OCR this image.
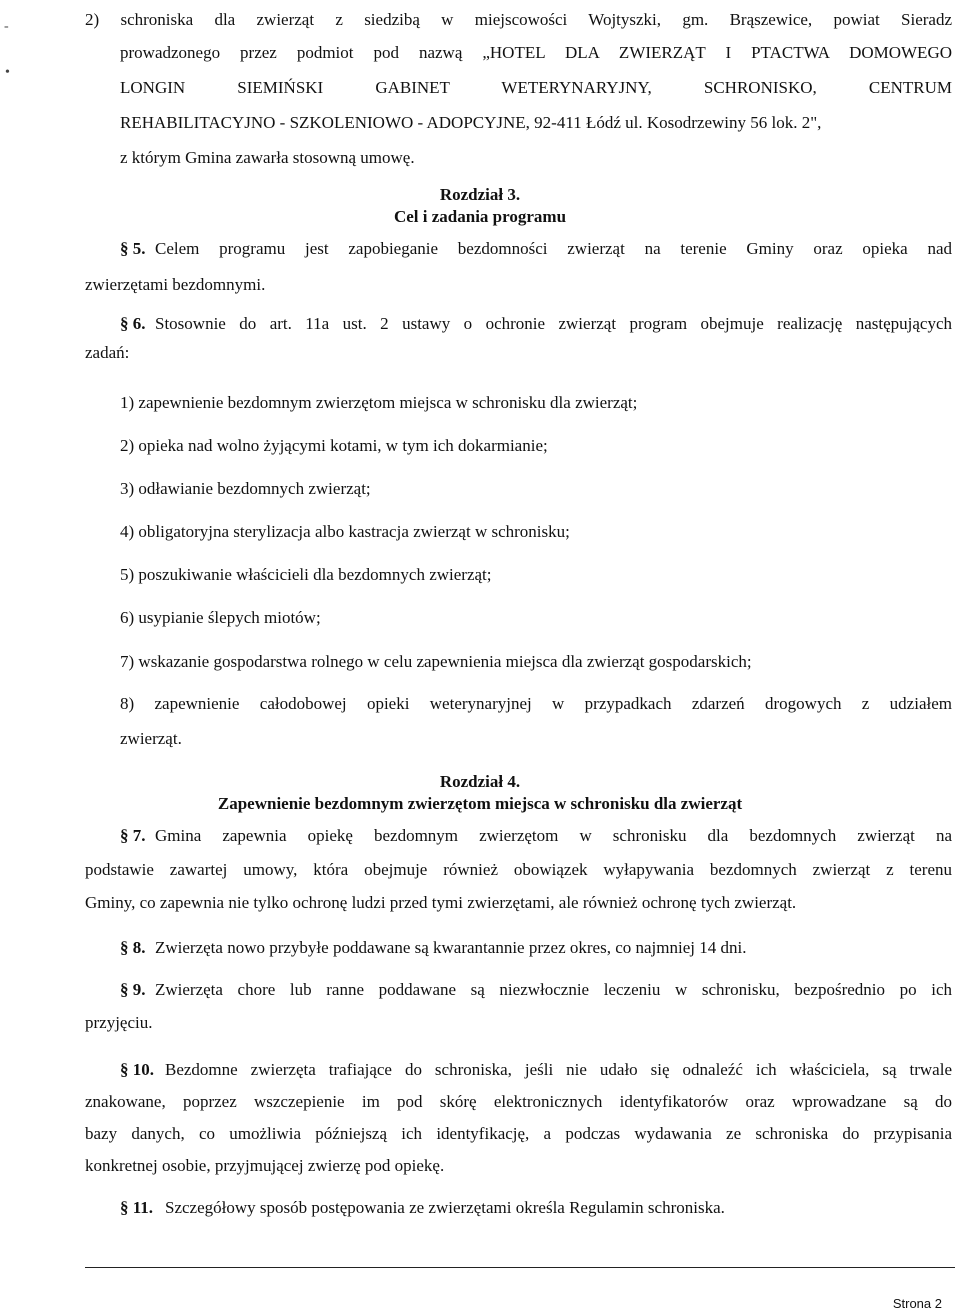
-
•
2) schroniska dla zwierząt z siedzibą w miejscowości Wojtyszki, gm. Brąszewice, powiat Sieradz
prowadzonego przez podmiot pod nazwą „HOTEL DLA ZWIERZĄT I PTACTWA DOMOWEGO
LONGIN SIEMIŃSKI GABINET WETERYNARYJNY, SCHRONISKO, CENTRUM
REHABILITACYJNO - SZKOLENIOWO - ADOPCYJNE, 92-411 Łódź ul. Kosodrzewiny 56 lok. 2",
z którym Gmina zawarła stosowną umowę.
Rozdział 3.
Cel i zadania programu
§ 5. Celem programu jest zapobieganie bezdomności zwierząt na terenie Gminy oraz opieka nad
zwierzętami bezdomnymi.
§ 6. Stosownie do art. 11a ust. 2 ustawy o ochronie zwierząt program obejmuje realizację następujących
zadań:
1) zapewnienie bezdomnym zwierzętom miejsca w schronisku dla zwierząt;
2) opieka nad wolno żyjącymi kotami, w tym ich dokarmianie;
3) odławianie bezdomnych zwierząt;
4) obligatoryjna sterylizacja albo kastracja zwierząt w schronisku;
5) poszukiwanie właścicieli dla bezdomnych zwierząt;
6) usypianie ślepych miotów;
7) wskazanie gospodarstwa rolnego w celu zapewnienia miejsca dla zwierząt gospodarskich;
8) zapewnienie całodobowej opieki weterynaryjnej w przypadkach zdarzeń drogowych z udziałem
zwierząt.
Rozdział 4.
Zapewnienie bezdomnym zwierzętom miejsca w schronisku dla zwierząt
§ 7. Gmina zapewnia opiekę bezdomnym zwierzętom w schronisku dla bezdomnych zwierząt na
podstawie zawartej umowy, która obejmuje również obowiązek wyłapywania bezdomnych zwierząt z terenu
Gminy, co zapewnia nie tylko ochronę ludzi przed tymi zwierzętami, ale również ochronę tych zwierząt.
§ 8. Zwierzęta nowo przybyłe poddawane są kwarantannie przez okres, co najmniej 14 dni.
§ 9. Zwierzęta chore lub ranne poddawane są niezwłocznie leczeniu w schronisku, bezpośrednio po ich
przyjęciu.
§ 10. Bezdomne zwierzęta trafiające do schroniska, jeśli nie udało się odnaleźć ich właściciela, są trwale
znakowane, poprzez wszczepienie im pod skórę elektronicznych identyfikatorów oraz wprowadzane są do
bazy danych, co umożliwia późniejszą ich identyfikację, a podczas wydawania ze schroniska do przypisania
konkretnej osobie, przyjmującej zwierzę pod opiekę.
§ 11. Szczegółowy sposób postępowania ze zwierzętami określa Regulamin schroniska.
Strona 2
